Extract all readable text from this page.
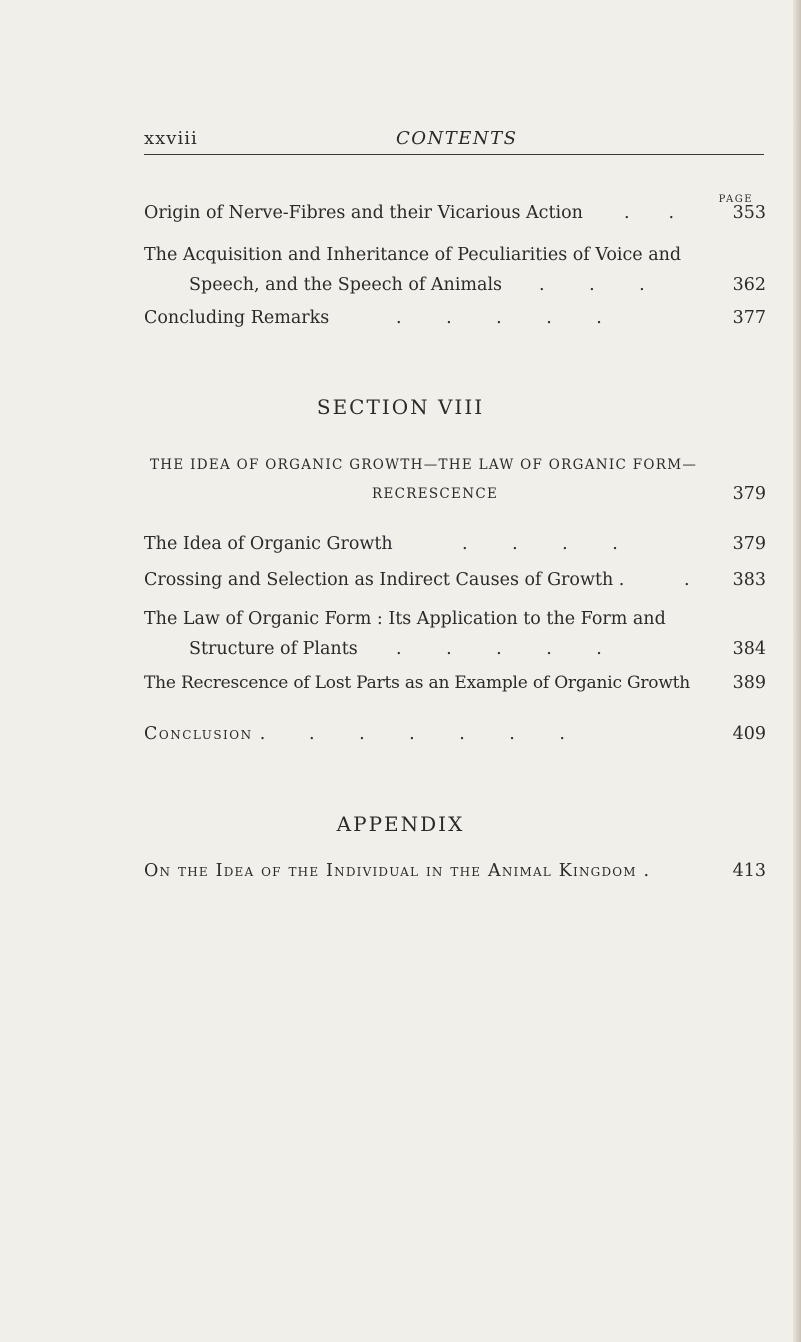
xxviii	CONTENTS
PAGE
Origin of Nerve-Fibres and their Vicarious Action .       .	353
The Acquisition and Inheritance of Peculiarities of Voice and
Speech, and the Speech of Animals .        .        .	362
Concluding Remarks	.        .        .        .        .	377
SECTION VIII
THE IDEA OF ORGANIC GROWTH—THE LAW OF ORGANIC FORM—
RECRESCENCE	379
The Idea of Organic Growth	.        .        .        .	379
Crossing and Selection as Indirect Causes of Growth .	. 383
The Law of Organic Form : Its Application to the Form and
Structure of Plants .        .        .        .        .	384
The Recrescence of Lost Parts as an Example of Organic Growth 389
Conclusion . .        .        .        .        .        .	409
APPENDIX
On the Idea of the Individual in the Animal Kingdom .	413
